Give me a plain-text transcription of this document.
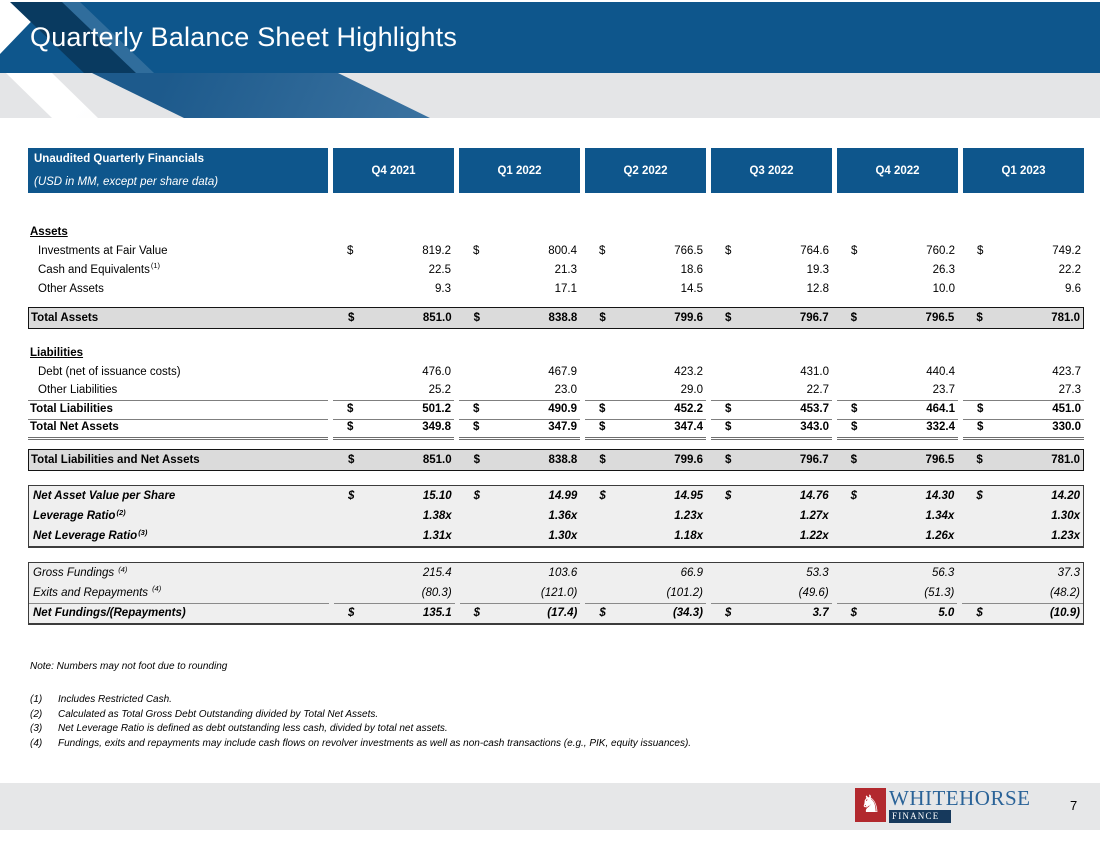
Quarterly Balance Sheet Highlights
Unaudited Quarterly Financials
(USD in MM, except per share data)
Q4 2021	Q1 2022	Q2 2022	Q3 2022	Q4 2022	Q1 2023
Assets
Investments at Fair Value	$	819.2 $	800.4 $	766.5 $	764.6 $	760.2 $	749.2
Cash and Equivalents (1)	22.5	21.3	18.6	19.3	26.3	22.2
Other Assets	9.3	17.1	14.5	12.8	10.0	9.6
Total Assets	$	851.0 $	838.8 $	799.6 $	796.7 $	796.5 $	781.0
Liabilities
Debt (net of issuance costs)	476.0	467.9	423.2	431.0	440.4	423.7
Other Liabilities	25.2	23.0	29.0	22.7	23.7	27.3
Total Liabilities	$	501.2 $	490.9 $	452.2 $	453.7 $	464.1 $	451.0
Total Net Assets	$	349.8 $	347.9 $	347.4 $	343.0 $	332.4 $	330.0
Total Liabilities and Net Assets	$	851.0 $	838.8 $	799.6 $	796.7 $	796.5 $	781.0
Net Asset Value per Share	$	15.10 $	14.99 $	14.95 $	14.76 $	14.30 $	14.20
Leverage Ratio (2)	1.38x	1.36x	1.23x	1.27x	1.34x	1.30x
Net Leverage Ratio (3)	1.31x	1.30x	1.18x	1.22x	1.26x	1.23x
Gross Fundings (4)	215.4	103.6	66.9	53.3	56.3	37.3
Exits and Repayments (4)	(80.3)	(121.0)	(101.2)	(49.6)	(51.3)	(48.2)
Net Fundings/(Repayments)	$	135.1 $	(17.4) $	(34.3) $	3.7 $	5.0 $	(10.9)
Note: Numbers may not foot due to rounding
(1)	Includes Restricted Cash.
(2)	Calculated as Total Gross Debt Outstanding divided by Total Net Assets.
(3)	Net Leverage Ratio is defined as debt outstanding less cash, divided by total net assets.
(4)	Fundings, exits and repayments may include cash flows on revolver investments as well as non-cash transactions (e.g., PIK, equity issuances).
♞ WHITEHORSE
FINANCE
7
